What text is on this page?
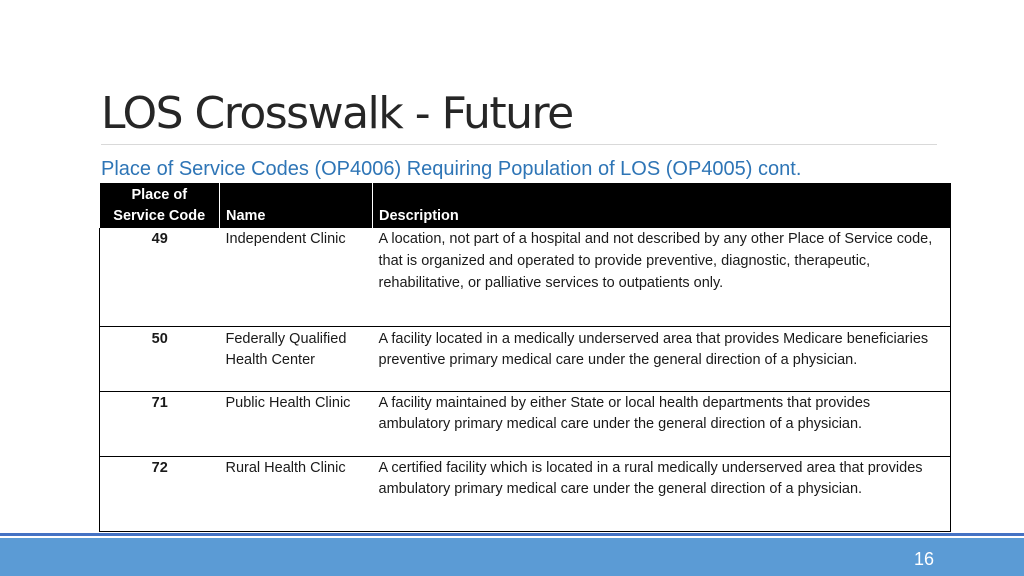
LOS Crosswalk - Future
Place of Service Codes (OP4006) Requiring Population of LOS (OP4005) cont.
Place of Service Code	Name	Description
49	Independent Clinic	A location, not part of a hospital and not described by any other Place of Service code, that is organized and operated to provide preventive, diagnostic, therapeutic, rehabilitative, or palliative services to outpatients only.
50	Federally Qualified Health Center	A facility located in a medically underserved area that provides Medicare beneficiaries preventive primary medical care under the general direction of a physician.
71	Public Health Clinic	A facility maintained by either State or local health departments that provides ambulatory primary medical care under the general direction of a physician.
72	Rural Health Clinic	A certified facility which is located in a rural medically underserved area that provides ambulatory primary medical care under the general direction of a physician.
16
